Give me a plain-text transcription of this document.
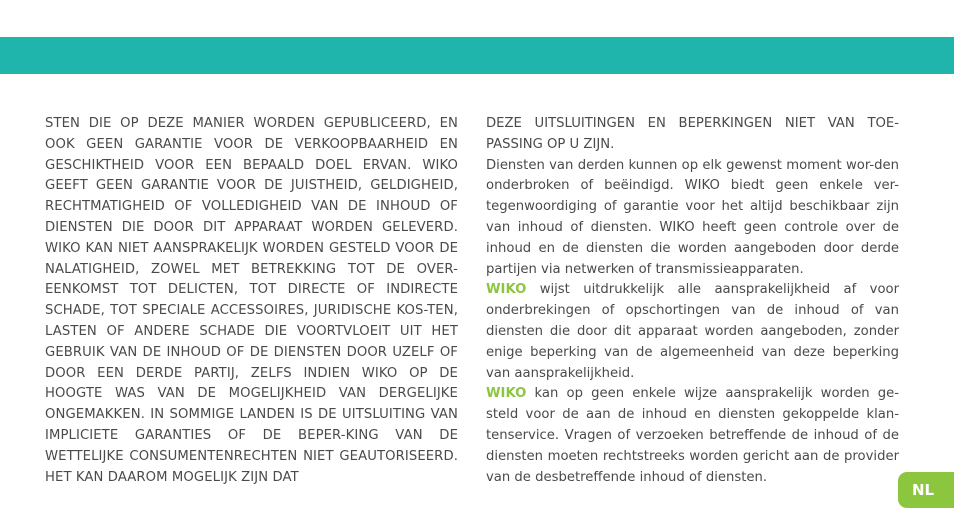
STEN DIE OP DEZE MANIER WORDEN GEPUBLICEERD, EN OOK GEEN GARANTIE VOOR DE VERKOOPBAARHEID EN GESCHIKTHEID VOOR EEN BEPAALD DOEL ERVAN. WIKO GEEFT GEEN GARANTIE VOOR DE JUISTHEID, GELDIGHEID, RECHTMATIGHEID OF VOLLEDIGHEID VAN DE INHOUD OF DIENSTEN DIE DOOR DIT APPARAAT WORDEN GELEVERD. WIKO KAN NIET AANSPRAKELIJK WORDEN GESTELD VOOR DE NALATIGHEID, ZOWEL MET BETREKKING TOT DE OVER-EENKOMST TOT DELICTEN, TOT DIRECTE OF INDIRECTE SCHADE, TOT SPECIALE ACCESSOIRES, JURIDISCHE KOS-TEN, LASTEN OF ANDERE SCHADE DIE VOORTVLOEIT UIT HET GEBRUIK VAN DE INHOUD OF DE DIENSTEN DOOR UZELF OF DOOR EEN DERDE PARTIJ, ZELFS INDIEN WIKO OP DE HOOGTE WAS VAN DE MOGELIJKHEID VAN DERGELIJKE ONGEMAKKEN. IN SOMMIGE LANDEN IS DE UITSLUITING VAN IMPLICIETE GARANTIES OF DE BEPER-KING VAN DE WETTELIJKE CONSUMENTENRECHTEN NIET GEAUTORISEERD. HET KAN DAAROM MOGELIJK ZIJN DAT

DEZE UITSLUITINGEN EN BEPERKINGEN NIET VAN TOE-PASSING OP U ZIJN.

Diensten van derden kunnen op elk gewenst moment wor-den onderbroken of beëindigd. WIKO biedt geen enkele ver-tegenwoordiging of garantie voor het altijd beschikbaar zijn van inhoud of diensten. WIKO heeft geen controle over de inhoud en de diensten die worden aangeboden door derde partijen via netwerken of transmissieapparaten.

WIKO wijst uitdrukkelijk alle aansprakelijkheid af voor onderbrekingen of opschortingen van de inhoud of van diensten die door dit apparaat worden aangeboden, zonder enige beperking van de algemeenheid van deze beperking van aansprakelijkheid.

WIKO kan op geen enkele wijze aansprakelijk worden ge-steld voor de aan de inhoud en diensten gekoppelde klan-tenservice. Vragen of verzoeken betreffende de inhoud of de diensten moeten rechtstreeks worden gericht aan de provider van de desbetreffende inhoud of diensten.

NL
